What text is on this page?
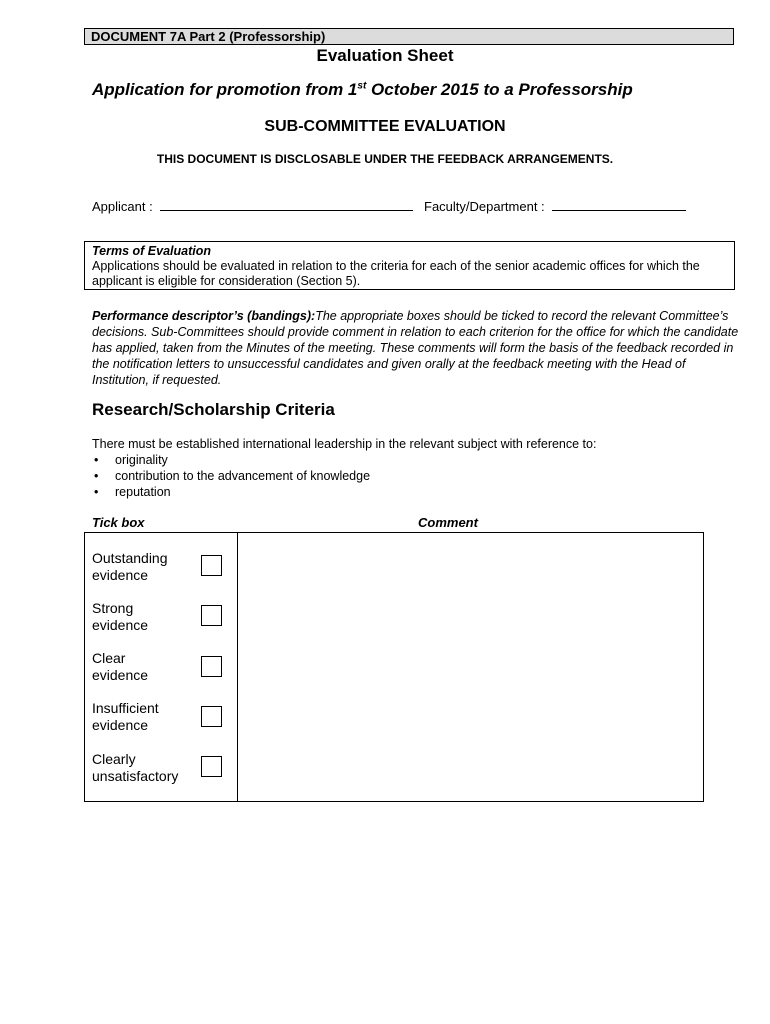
DOCUMENT 7A Part 2 (Professorship)
Evaluation Sheet
Application for promotion from 1st October 2015 to a Professorship
SUB-COMMITTEE EVALUATION
THIS DOCUMENT IS DISCLOSABLE UNDER THE FEEDBACK ARRANGEMENTS.
Applicant :	Faculty/Department :
Terms of Evaluation
Applications should be evaluated in relation to the criteria for each of the senior academic offices for which the applicant is eligible for consideration (Section 5).
Performance descriptor’s (bandings):The appropriate boxes should be ticked to record the relevant Committee’s decisions. Sub-Committees should provide comment in relation to each criterion for the office for which the candidate has applied, taken from the Minutes of the meeting. These comments will form the basis of the feedback recorded in the notification letters to unsuccessful candidates and given orally at the feedback meeting with the Head of Institution, if requested.
Research/Scholarship Criteria
There must be established international leadership in the relevant subject with reference to:
• originality
• contribution to the advancement of knowledge
• reputation
Tick box	Comment
Outstanding
evidence
Strong
evidence
Clear
evidence
Insufficient
evidence
Clearly
unsatisfactory
